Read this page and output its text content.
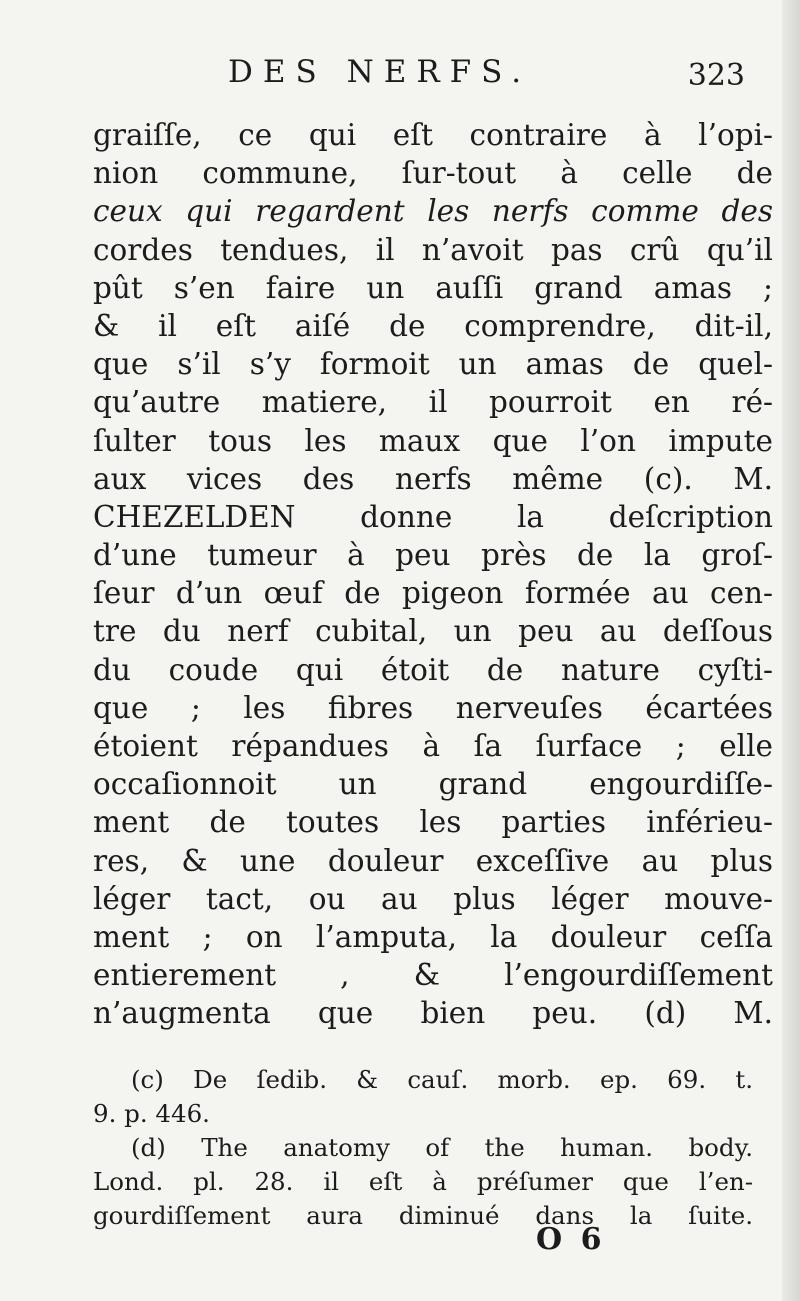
DES NERFS.	323
graiſſe, ce qui eſt contraire à l’opi-
nion commune, ſur-tout à celle de
ceux qui regardent les nerfs comme des
cordes tendues, il n’avoit pas crû qu’il
pût s’en faire un auſſi grand amas ;
& il eſt aiſé de comprendre, dit-il,
que s’il s’y formoit un amas de quel-
qu’autre matiere, il pourroit en ré-
ſulter tous les maux que l’on impute
aux vices des nerfs même (c). M.
CHEZELDEN donne la deſcription
d’une tumeur à peu près de la groſ-
ſeur d’un œuf de pigeon formée au cen-
tre du nerf cubital, un peu au deſſous
du coude qui étoit de nature cyſti-
que ; les fibres nerveuſes écartées
étoient répandues à ſa ſurface ; elle
occaſionnoit un grand engourdiſſe-
ment de toutes les parties inférieu-
res, & une douleur exceſſive au plus
léger tact, ou au plus léger mouve-
ment ; on l’amputa, la douleur ceſſa
entierement , & l’engourdiſſement
n’augmenta que bien peu. (d) M.
(c) De ſedib. & cauſ. morb. ep. 69. t.
9. p. 446.
(d) The anatomy of the human. body.
Lond. pl. 28. il eſt à préſumer que l’en-
gourdiſſement aura diminué dans la ſuite.
O 6
